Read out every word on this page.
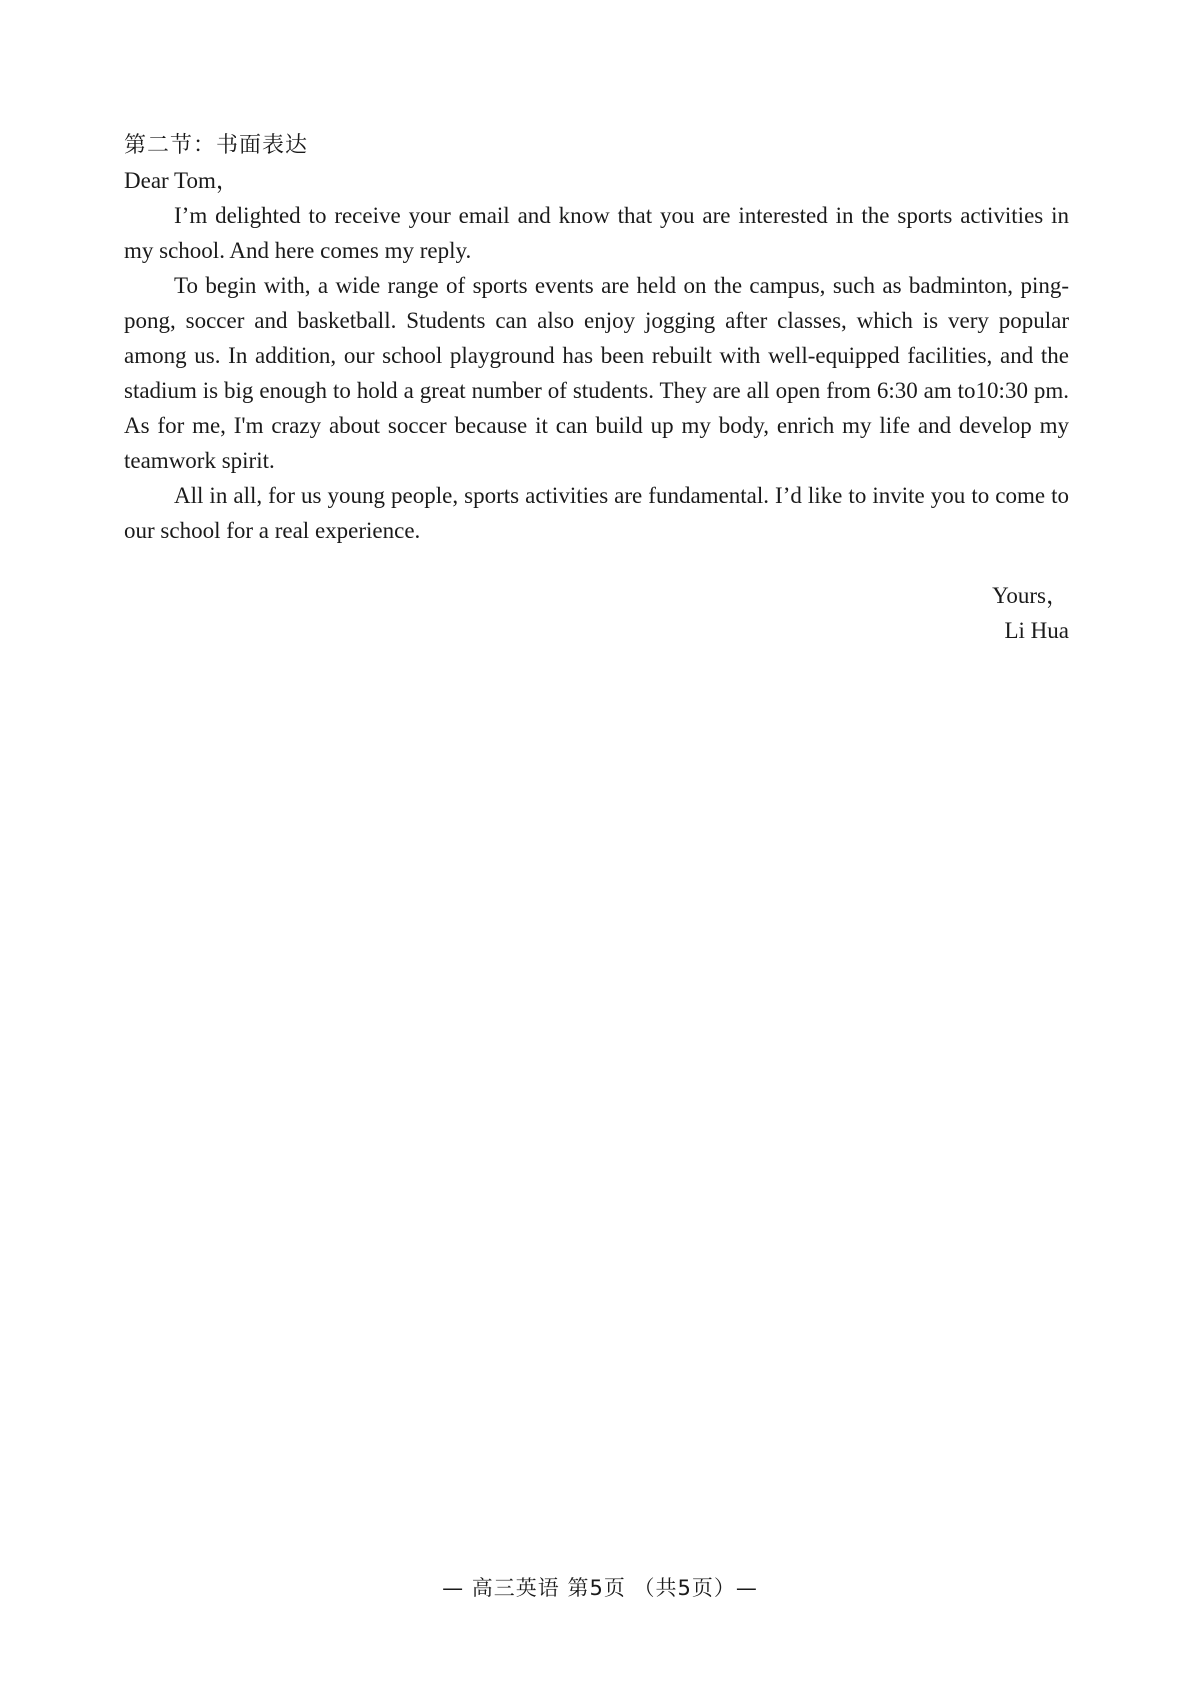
第二节：书面表达

Dear Tom，

I’m delighted to receive your email and know that you are interested in the sports activities in my school. And here comes my reply.

To begin with, a wide range of sports events are held on the campus, such as badminton, ping-pong, soccer and basketball. Students can also enjoy jogging after classes, which is very popular among us. In addition, our school playground has been rebuilt with well-equipped facilities, and the stadium is big enough to hold a great number of students. They are all open from 6:30 am to10:30 pm. As for me, I'm crazy about soccer because it can build up my body, enrich my life and develop my teamwork spirit.

All in all, for us young people, sports activities are fundamental. I’d like to invite you to come to our school for a real experience.

Yours，
Li Hua
— 高三英语 第5页 （共5页）—
